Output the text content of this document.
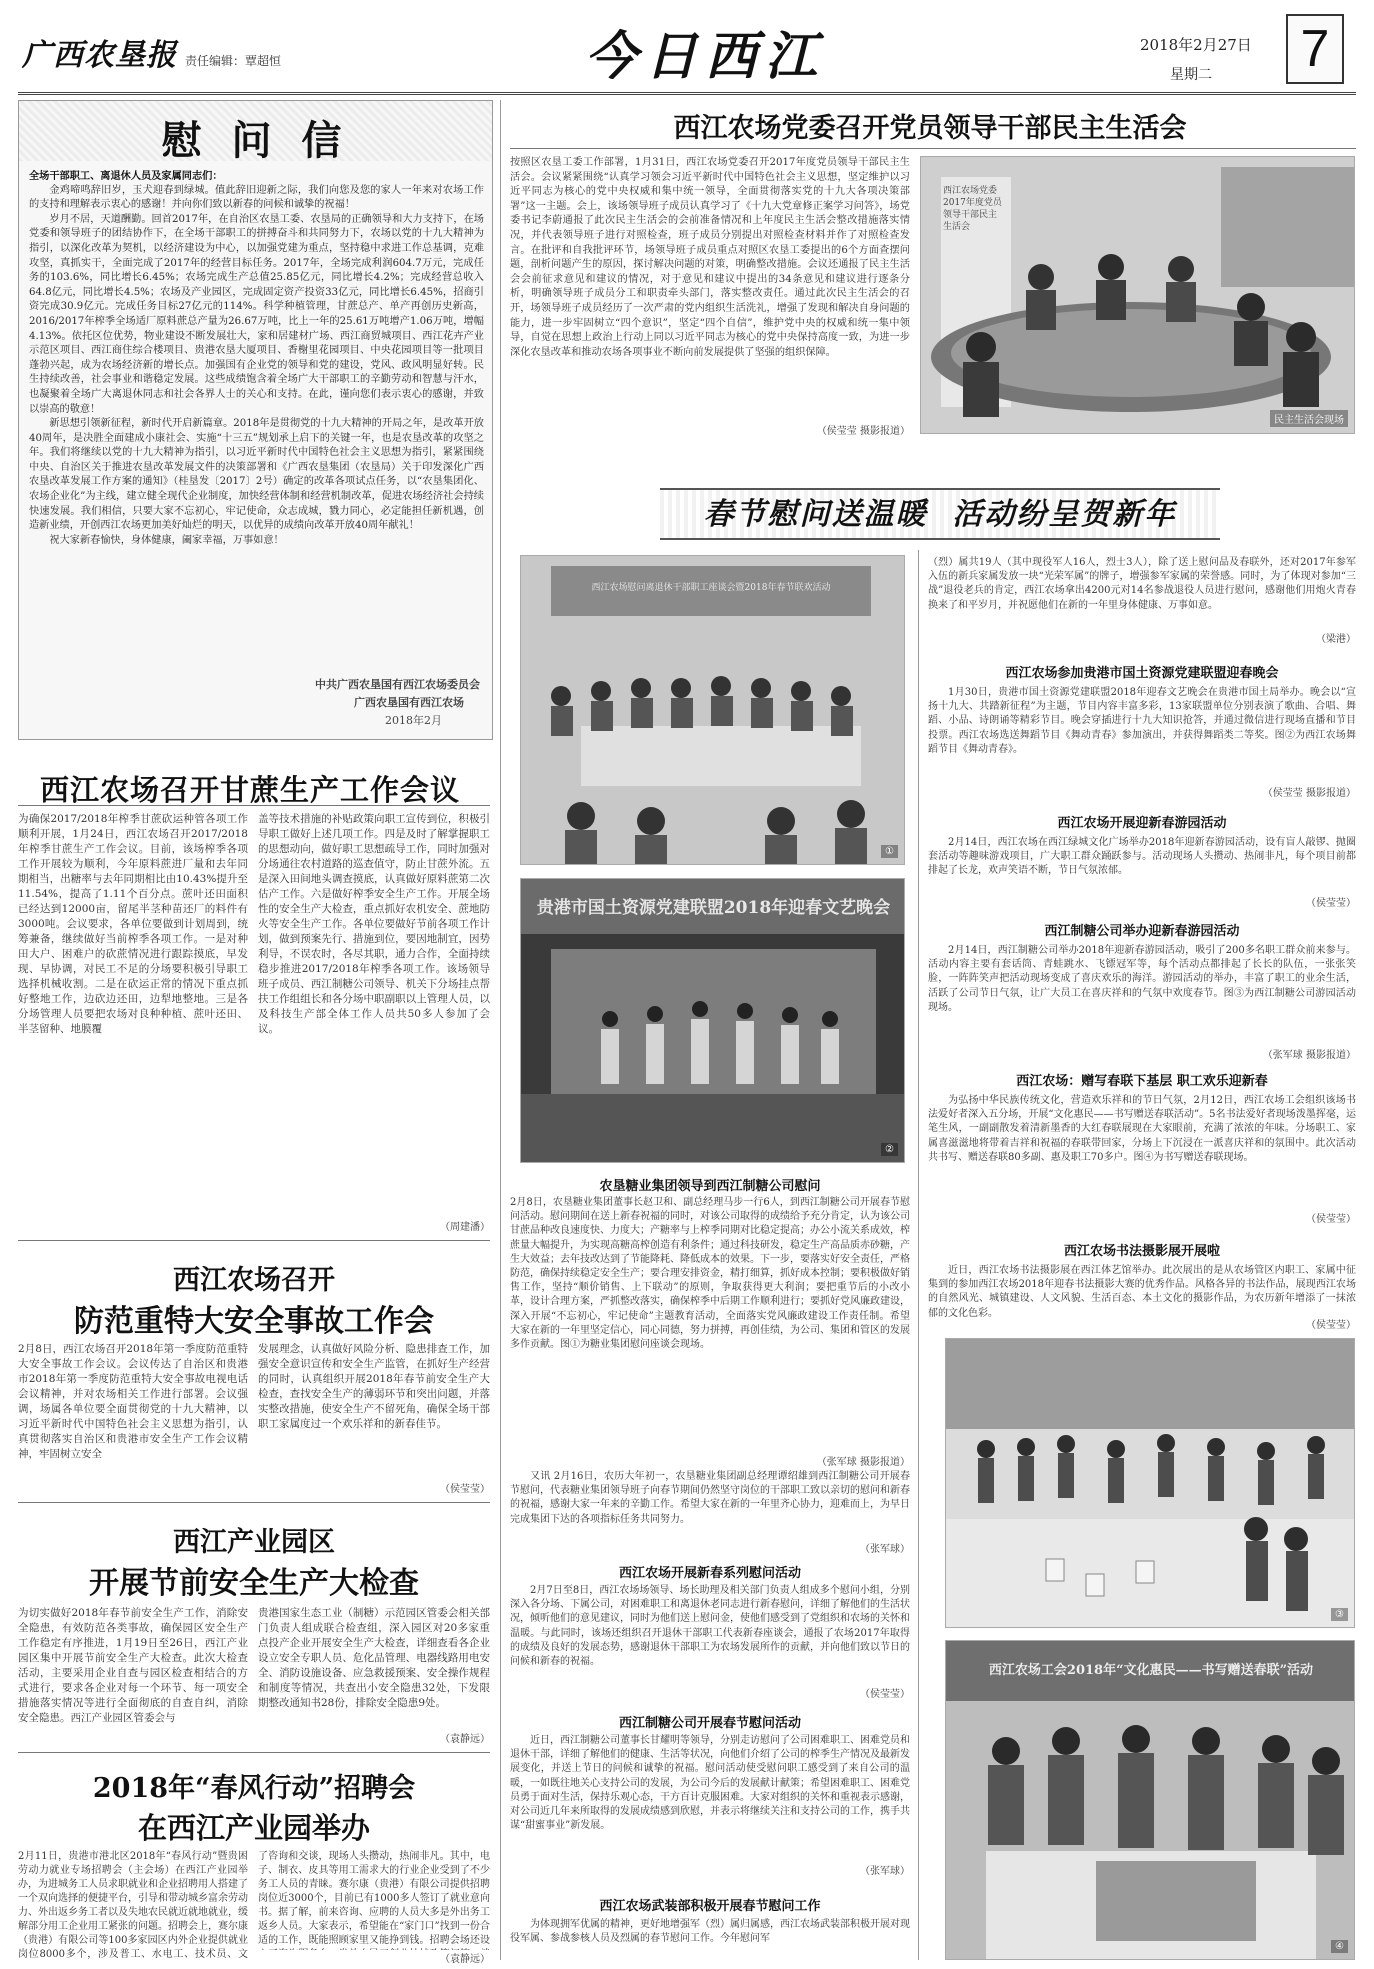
广西农垦报 责任编辑：覃超恒	今日西江	2018年2月27日
星期二 7
慰 问 信
全场干部职工、离退休人员及家属同志们：

金鸡啼鸣辞旧岁，玉犬迎春到绿城。值此辞旧迎新之际，我们向您及您的家人一年来对农场工作的支持和理解表示衷心的感谢！并向你们致以新春的问候和诚挚的祝福！

岁月不居，天道酬勤。回首2017年，在自治区农垦工委、农垦局的正确领导和大力支持下，在场党委和领导班子的团结协作下，在全场干部职工的拼搏奋斗和共同努力下，农场以党的十九大精神为指引，以深化改革为契机，以经济建设为中心，以加强党建为重点，坚持稳中求进工作总基调，克难攻坚，真抓实干，全面完成了2017年的经营目标任务。2017年，全场完成利润604.7万元，完成任务的103.6%，同比增长6.45%；农场完成生产总值25.85亿元，同比增长4.2%；完成经营总收入64.8亿元，同比增长4.5%；农场及产业园区，完成固定资产投资33亿元，同比增长6.45%，招商引资完成30.9亿元。完成任务目标27亿元的114%。科学种植管理，甘蔗总产、单产再创历史新高，2016/2017年榨季全场适厂原料蔗总产量为26.67万吨，比上一年的25.61万吨增产1.06万吨，增幅4.13%。依托区位优势，物业建设不断发展壮大，家和居建材广场、西江商贸城项目、西江花卉产业示范区项目、西江商住综合楼项目、贵港农垦大厦项目、香榭里花园项目、中央花园项目等一批项目蓬勃兴起，成为农场经济新的增长点。加强国有企业党的领导和党的建设，党风、政风明显好转。民生持续改善，社会事业和谐稳定发展。这些成绩饱含着全场广大干部职工的辛勤劳动和智慧与汗水，也凝聚着全场广大离退休同志和社会各界人士的关心和支持。在此，谨向您们表示衷心的感谢，并致以崇高的敬意！

新思想引领新征程，新时代开启新篇章。2018年是贯彻党的十九大精神的开局之年，是改革开放40周年，是决胜全面建成小康社会、实施“十三五”规划承上启下的关键一年，也是农垦改革的攻坚之年。我们将继续以党的十九大精神为指引，以习近平新时代中国特色社会主义思想为指引，紧紧围绕中央、自治区关于推进农垦改革发展文件的决策部署和《广西农垦集团（农垦局）关于印发深化广西农垦改革发展工作方案的通知》（桂垦发〔2017〕2号）确定的改革各项试点任务，以“农垦集团化、农场企业化”为主线，建立健全现代企业制度，加快经营体制和经营机制改革，促进农场经济社会持续快速发展。我们相信，只要大家不忘初心，牢记使命，众志成城，戮力同心，必定能担任新机遇，创造新业绩，开创西江农场更加美好灿烂的明天，以优异的成绩向改革开放40周年献礼！

祝大家新春愉快，身体健康，阖家幸福，万事如意！

中共广西农垦国有西江农场委员会
广西农垦国有西江农场
2018年2月
西江农场召开甘蔗生产工作会议
为确保2017/2018年榨季甘蔗砍运种管各项工作顺利开展，1月24日，西江农场召开2017/2018年榨季甘蔗生产工作会议。目前，该场榨季各项工作开展较为顺利，今年原料蔗进厂量和去年同期相当，出糖率与去年同期相比由10.43%提升至11.54%，提高了1.11个百分点。蔗叶还田面积已经达到12000亩，留尾半茎种苗还厂的料件有3000吨。会议要求，各单位要做到计划周到，统筹兼备，继续做好当前榨季各项工作。一是对种田大户、困难户的砍蔗情况进行跟踪摸底，早发现、早协调，对民工不足的分场要积极引导职工选择机械收割。二是在砍运正常的情况下重点抓好整地工作，边砍边还田，边犁地整地。三是各分场管理人员要把农场对良种种植、蔗叶还田、半茎留种、地膜覆
盖等技术措施的补贴政策向职工宣传到位，积极引导职工做好上述几项工作。四是及时了解掌握职工的思想动向，做好职工思想疏导工作，同时加强对分场通往农村道路的巡查值守，防止甘蔗外流。五是深入田间地头调查摸底，认真做好原料蔗第二次估产工作。六是做好榨季安全生产工作。开展全场性的安全生产大检查，重点抓好农机安全、蔗地防火等安全生产工作。各单位要做好节前各项工作计划，做到预案先行、措施到位，要因地制宜，因势利导，不误农时，各尽其职，通力合作，全面持续稳步推进2017/2018年榨季各项工作。该场领导班子成员、西江制糖公司领导、机关下分场挂点帮扶工作组组长和各分场中职副职以上管理人员，以及科技生产部全体工作人员共50多人参加了会议。
（周建潘）
西江农场召开
防范重特大安全事故工作会
2月8日，西江农场召开2018年第一季度防范重特大安全事故工作会议。会议传达了自治区和贵港市2018年第一季度防范重特大安全事故电视电话会议精神，并对农场相关工作进行部署。会议强调，场属各单位要全面贯彻党的十九大精神，以习近平新时代中国特色社会主义思想为指引，认真贯彻落实自治区和贵港市安全生产工作会议精神，牢固树立安全
发展理念，认真做好风险分析、隐患排查工作，加强安全意识宣传和安全生产监管，在抓好生产经营的同时，认真组织开展2018年春节前安全生产大检查，查找安全生产的薄弱环节和突出问题，并落实整改措施，使安全生产不留死角，确保全场干部职工家属度过一个欢乐祥和的新春佳节。
（侯莹莹）
西江产业园区
开展节前安全生产大检查
为切实做好2018年春节前安全生产工作，消除安全隐患，有效防范各类事故，确保园区安全生产工作稳定有序推进，1月19日至26日，西江产业园区集中开展节前安全生产大检查。此次大检查活动，主要采用企业自查与园区检查相结合的方式进行，要求各企业对每一个环节、每一项安全措施落实情况等进行全面彻底的自查自纠，消除安全隐患。西江产业园区管委会与
贵港国家生态工业（制糖）示范园区管委会相关部门负责人组成联合检查组，深入园区对20多家重点投产企业开展安全生产大检查，详细查看各企业设立安全专职人员、危化品管理、电器线路用电安全、消防设施设备、应急救援预案、安全操作规程和制度等情况，共查出小安全隐患32处，下发限期整改通知书28份，排除安全隐患9处。
（袁静远）
2018年“春风行动”招聘会
在西江产业园举办
2月11日，贵港市港北区2018年“春风行动”暨贵困劳动力就业专场招聘会（主会场）在西江产业园举办，为进城务工人员求职就业和企业招聘用人搭建了一个双向选择的便捷平台，引导和带动城乡富余劳动力、外出返乡务工者以及失地农民就近就地就业，缓解部分用工企业用工紧张的问题。招聘会上，赛尔康（贵港）有限公司等100多家园区内外企业提供就业岗位8000多个，涉及普工、水电工、技术员、文
了咨询和交谈，现场人头攒动，热闹非凡。其中，电子、制衣、皮具等用工需求大的行业企业受到了不少务工人员的青睐。赛尔康（贵港）有限公司提供招聘岗位近3000个，目前已有1000多人签订了就业意向书。据了解，前来咨询、应聘的人员大多是外出务工返乡人员。大家表示，希望能在“家门口”找到一份合适的工作，既能照顾家里又能挣到钱。招聘会场还设
（袁静远）
西江农场党委召开党员领导干部民主生活会
按照区农垦工委工作部署，1月31日，西江农场党委召开2017年度党员领导干部民主生活会。会议紧紧围绕“认真学习领会习近平新时代中国特色社会主义思想，坚定维护以习近平同志为核心的党中央权威和集中统一领导，全面贯彻落实党的十九大各项决策部署”这一主题。会上，该场领导班子成员认真学习了《十九大党章修正案学习问答》，场党委书记李蔚通报了此次民主生活会的会前准备情况和上年度民主生活会整改措施落实情况，并代表领导班子进行对照检查，班子成员分别提出对照检查材料并作了对照检查发言。在批评和自我批评环节，场领导班子成员重点对照区农垦工委提出的6个方面查摆问题，剖析问题产生的原因，探讨解决问题的对策，明确整改措施。会议还通报了民主生活会会前征求意见和建议的情况，对于意见和建议中提出的34条意见和建议进行逐条分析，明确领导班子成员分工和职责牵头部门，落实整改责任。通过此次民主生活会的召开，场领导班子成员经历了一次严肃的党内组织生活洗礼，增强了发现和解决自身问题的能力，进一步牢固树立“四个意识”，坚定“四个自信”，维护党中央的权威和统一集中领导，自觉在思想上政治上行动上同以习近平同志为核心的党中央保持高度一致，为进一步深化农垦改革和推动农场各项事业不断向前发展提供了坚强的组织保障。
（侯莹莹 摄影报道）
西江农场党委2017年度党员领导干部民主生活会
民主生活会现场
春节慰问送温暖  活动纷呈贺新年
西江农场慰问离退休干部职工座谈会暨2018年春节联欢活动
①
贵港市国土资源党建联盟2018年迎春文艺晚会
②
农垦糖业集团领导到西江制糖公司慰问
2月8日，农垦糖业集团董事长赵卫和、副总经理马步一行6人，到西江制糖公司开展春节慰问活动。慰问期间在送上新春祝福的同时，对该公司取得的成绩给予充分肯定，认为该公司甘蔗品种改良速度快、力度大；产糖率与上榨季同期对比稳定提高；办公小流关系成效，榨蔗量大幅提升，为实现高糖高榨创造有利条件；通过科技研发，稳定生产高品质赤砂糖，产生大效益；去年技改达到了节能降耗、降低成本的效果。下一步，要落实好安全责任，严格防范，确保持续稳定安全生产；要合理安排资金，精打细算，抓好成本控制；要积极做好销售工作，坚持“顺价销售、上下联动”的原则，争取获得更大利润；要把重节后的小改小革，设计合理方案，严抓整改落实，确保榨季中后期工作顺利进行；要抓好党风廉政建设，深入开展“不忘初心，牢记使命”主题教育活动，全面落实党风廉政建设工作责任制。希望大家在新的一年里坚定信心，同心同德，努力拼搏，再创佳绩，为公司、集团和管区的发展多作贡献。图①为糖业集团慰问座谈会现场。
（张军球 摄影报道）
又讯 2月16日，农历大年初一，农垦糖业集团副总经理谭绍雄到西江制糖公司开展春节慰问，代表糖业集团领导班子向春节期间仍然坚守岗位的干部职工致以亲切的慰问和新春的祝福，感谢大家一年来的辛勤工作。希望大家在新的一年里齐心协力，迎难而上，为早日完成集团下达的各项指标任务共同努力。
（张军球）
西江农场开展新春系列慰问活动
2月7日至8日，西江农场场领导、场长助理及相关部门负责人组成多个慰问小组，分别深入各分场、下属公司，对困难职工和离退休老同志进行新春慰问，详细了解他们的生活状况，倾听他们的意见建议，同时为他们送上慰问金，使他们感受到了党组织和农场的关怀和温暖。与此同时，该场还组织召开退休干部职工代表新春座谈会，通报了农场2017年取得的成绩及良好的发展态势，感谢退休干部职工为农场发展所作的贡献，并向他们致以节日的问候和新春的祝福。
（侯莹莹）
西江制糖公司开展春节慰问活动
近日，西江制糖公司董事长甘耀明等领导，分别走访慰问了公司困难职工、困难党员和退休干部，详细了解他们的健康、生活等状况，向他们介绍了公司的榨季生产情况及最新发展变化，并送上节日的问候和诚挚的祝福。慰问活动使受慰问职工感受到了来自公司的温暖，一如既往地关心支持公司的发展，为公司今后的发展献计献策；希望困难职工、困难党员勇于面对生活，保持乐观心态，干方百计克服困难。大家对组织的关怀和重视表示感谢，对公司近几年来所取得的发展成绩感到欣慰，并表示将继续关注和支持公司的工作，携手共谋“甜蜜事业”新发展。
（张军球）
西江农场武装部积极开展春节慰问工作
为体现拥军优属的精神，更好地增强军（烈）属归属感，西江农场武装部积极开展对现役军属、参战参核人员及烈属的春节慰问工作。今年慰问军
（烈）属共19人（其中现役军人16人，烈士3人），除了送上慰问品及春联外，还对2017年参军入伍的新兵家属发放一块“光荣军属”的牌子，增强参军家属的荣誉感。同时，为了体现对参加“三战”退役老兵的肯定，西江农场拿出4200元对14名参战退役人员进行慰问，感谢他们用炮火青春换来了和平岁月，并祝愿他们在新的一年里身体健康、万事如意。
（梁港）
西江农场参加贵港市国土资源党建联盟迎春晚会
1月30日，贵港市国土资源党建联盟2018年迎春文艺晚会在贵港市国土局举办。晚会以“宣扬十九大、共踏新征程”为主题，节目内容丰富多彩，13家联盟单位分别表演了歌曲、合唱、舞蹈、小品、诗朗诵等精彩节目。晚会穿插进行十九大知识抢答，并通过微信进行现场直播和节目投票。西江农场选送舞蹈节目《舞动青春》参加演出，并获得舞蹈类二等奖。图②为西江农场舞蹈节目《舞动青春》。
（侯莹莹 摄影报道）
西江农场开展迎新春游园活动
2月14日，西江农场在西江绿城文化广场举办2018年迎新春游园活动，设有盲人敲锣、抛圈套活动等趣味游戏项目，广大职工群众踊跃参与。活动现场人头攒动、热闹非凡，每个项目前都排起了长龙，欢声笑语不断，节日气氛浓郁。
（侯莹莹）
西江制糖公司举办迎新春游园活动
2月14日，西江制糖公司举办2018年迎新春游园活动，吸引了200多名职工群众前来参与。活动内容主要有套话筒、青蛙跳水、飞镖冠军等，每个活动点都排起了长长的队伍，一张张笑脸，一阵阵笑声把活动现场变成了喜庆欢乐的海洋。游园活动的举办，丰富了职工的业余生活，活跃了公司节日气氛，让广大员工在喜庆祥和的气氛中欢度春节。图③为西江制糖公司游园活动现场。
（张军球 摄影报道）
西江农场：赠写春联下基层 职工欢乐迎新春
为弘扬中华民族传统文化，营造欢乐祥和的节日气氛，2月12日，西江农场工会组织该场书法爱好者深入五分场，开展“文化惠民——书写赠送春联活动”。5名书法爱好者现场泼墨挥毫，运笔生风，一副副散发着清新墨香的大红春联展现在大家眼前，充满了浓浓的年味。分场职工、家属喜滋滋地将带着吉祥和祝福的春联带回家，分场上下沉浸在一派喜庆祥和的氛围中。此次活动共书写、赠送春联80多副、惠及职工70多户。图④为书写赠送春联现场。
（侯莹莹）
西江农场书法摄影展开展啦
近日，西江农场书法摄影展在西江体艺馆举办。此次展出的是从农场管区内职工、家属中征集到的参加西江农场2018年迎春书法摄影大赛的优秀作品。风格各异的书法作品，展现西江农场的自然风光、城镇建设、人文风貌、生活百态、本土文化的摄影作品，为农历新年增添了一抹浓郁的文化色彩。
（侯莹莹）
③
西江农场工会2018年“文化惠民——书写赠送春联”活动
④
